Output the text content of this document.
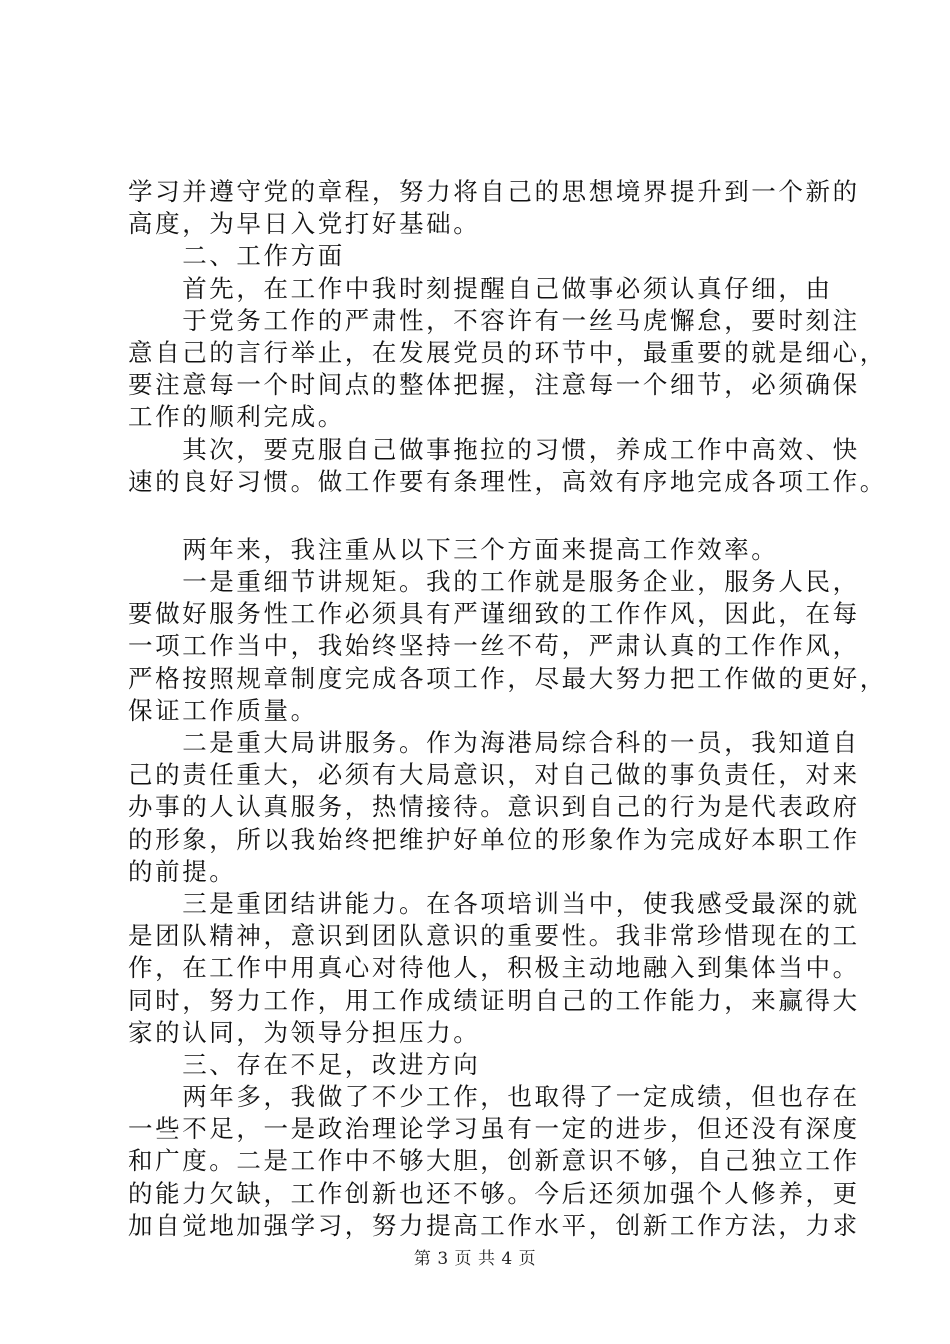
学习并遵守党的章程，努力将自己的思想境界提升到一个新的
高度，为早日入党打好基础。
　　二、工作方面
　　首先，在工作中我时刻提醒自己做事必须认真仔细，由
　　于党务工作的严肃性，不容许有一丝马虎懈怠，要时刻注
意自己的言行举止，在发展党员的环节中，最重要的就是细心，
要注意每一个时间点的整体把握，注意每一个细节，必须确保
工作的顺利完成。
　　其次，要克服自己做事拖拉的习惯，养成工作中高效、快
速的良好习惯。做工作要有条理性，高效有序地完成各项工作。
　　两年来，我注重从以下三个方面来提高工作效率。
　　一是重细节讲规矩。我的工作就是服务企业，服务人民，
要做好服务性工作必须具有严谨细致的工作作风，因此，在每
一项工作当中，我始终坚持一丝不苟，严肃认真的工作作风，
严格按照规章制度完成各项工作，尽最大努力把工作做的更好，
保证工作质量。
　　二是重大局讲服务。作为海港局综合科的一员，我知道自
己的责任重大，必须有大局意识，对自己做的事负责任，对来
办事的人认真服务，热情接待。意识到自己的行为是代表政府
的形象，所以我始终把维护好单位的形象作为完成好本职工作
的前提。
　　三是重团结讲能力。在各项培训当中，使我感受最深的就
是团队精神，意识到团队意识的重要性。我非常珍惜现在的工
作，在工作中用真心对待他人，积极主动地融入到集体当中。
同时，努力工作，用工作成绩证明自己的工作能力，来赢得大
家的认同，为领导分担压力。
　　三、存在不足，改进方向
　　两年多，我做了不少工作，也取得了一定成绩，但也存在
一些不足，一是政治理论学习虽有一定的进步，但还没有深度
和广度。二是工作中不够大胆，创新意识不够，自己独立工作
的能力欠缺，工作创新也还不够。今后还须加强个人修养，更
加自觉地加强学习，努力提高工作水平，创新工作方法，力求
第 3 页 共 4 页
